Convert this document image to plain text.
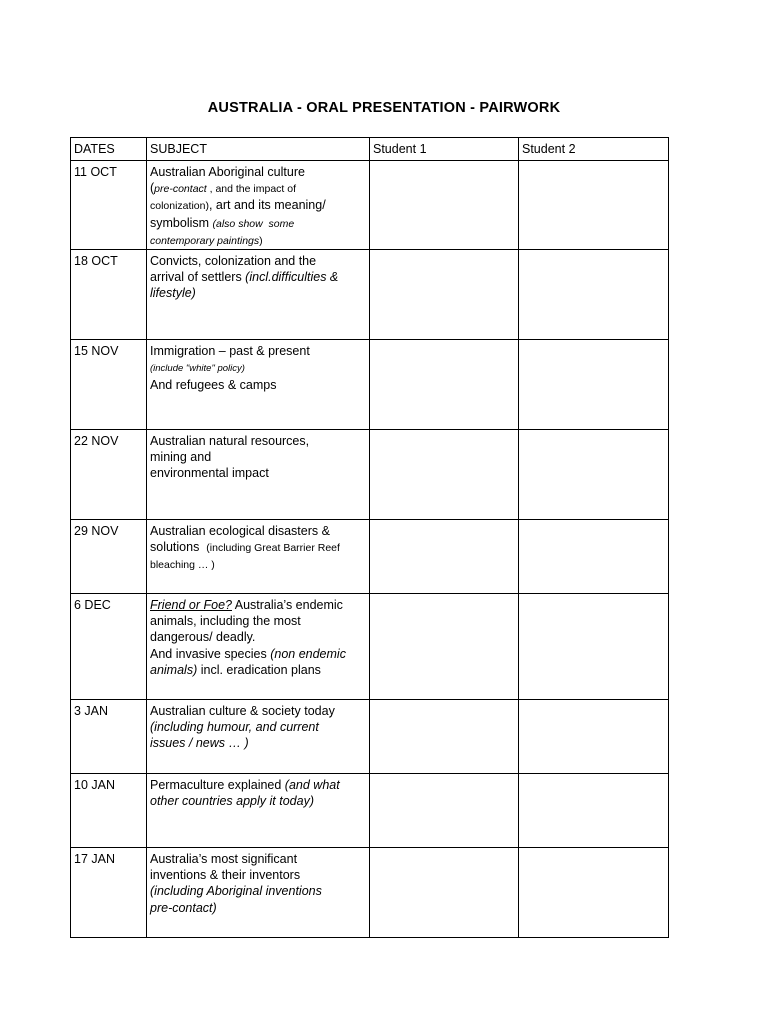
AUSTRALIA - ORAL PRESENTATION - PAIRWORK
DATES	SUBJECT	Student 1	Student 2
11 OCT	Australian Aboriginal culture
(pre-contact , and the impact of
colonization), art and its meaning/
symbolism (also show  some
contemporary paintings)		

18 OCT	Convicts, colonization and the
arrival of settlers (incl.difficulties &
lifestyle)		

15 NOV	Immigration – past & present
(include "white" policy)
And refugees & camps		

22 NOV	Australian natural resources,
mining and
environmental impact		

29 NOV	Australian ecological disasters &
solutions  (including Great Barrier Reef
bleaching … )		

6 DEC	Friend or Foe? Australia’s endemic
animals, including the most
dangerous/ deadly.
And invasive species (non endemic
animals) incl. eradication plans		

3 JAN	Australian culture & society today
(including humour, and current
issues / news … )		

10 JAN	Permaculture explained (and what
other countries apply it today)		

17 JAN	Australia’s most significant
inventions & their inventors
(including Aboriginal inventions
pre-contact)		
